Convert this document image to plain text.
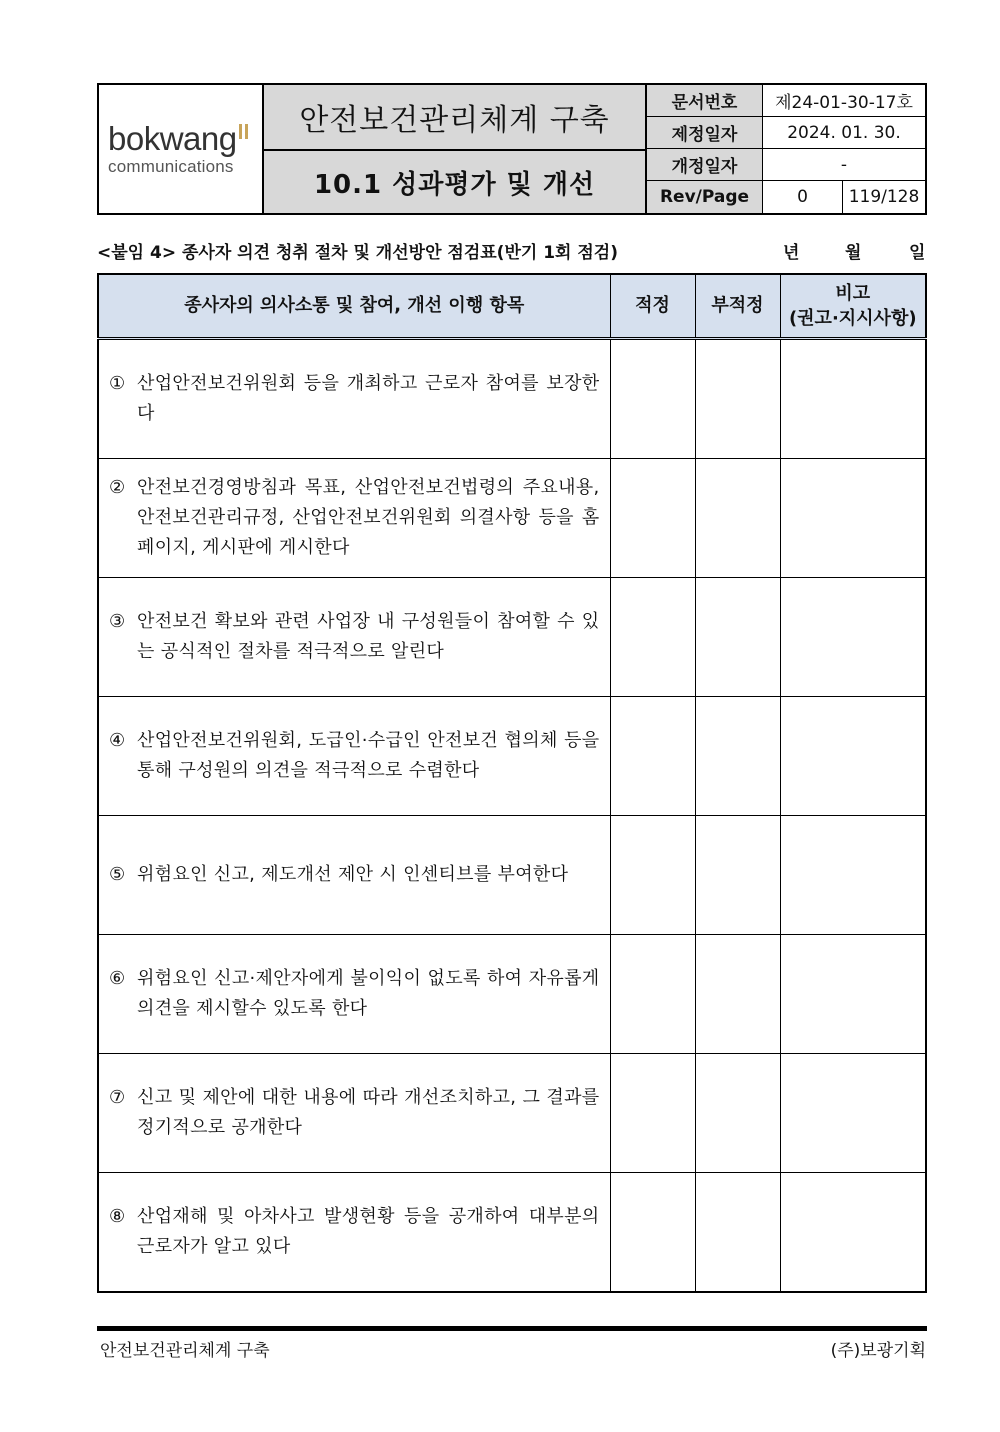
bokwang
communications
안전보건관리체계 구축
10.1 성과평가 및 개선
문서번호	제24-01-30-17호
제정일자	2024. 01. 30.
개정일자	-
Rev/Page	0	119/128
<붙임 4> 종사자 의견 청취 절차 및 개선방안 점검표(반기 1회 점검)	년	월	일
종사자의 의사소통 및 참여, 개선 이행 항목	적정	부적정	비고
(권고·지시사항)

① 산업안전보건위원회 등을 개최하고 근로자 참여를 보장한다			

② 안전보건경영방침과 목표, 산업안전보건법령의 주요내용, 안전보건관리규정, 산업안전보건위원회 의결사항 등을 홈페이지, 게시판에 게시한다			

③ 안전보건 확보와 관련 사업장 내 구성원들이 참여할 수 있는 공식적인 절차를 적극적으로 알린다			

④ 산업안전보건위원회, 도급인·수급인 안전보건 협의체 등을 통해 구성원의 의견을 적극적으로 수렴한다			

⑤ 위험요인 신고, 제도개선 제안 시 인센티브를 부여한다			

⑥ 위험요인 신고·제안자에게 불이익이 없도록 하여 자유롭게 의견을 제시할수 있도록 한다			

⑦ 신고 및 제안에 대한 내용에 따라 개선조치하고, 그 결과를 정기적으로 공개한다			

⑧ 산업재해 및 아차사고 발생현황 등을 공개하여 대부분의 근로자가 알고 있다			

안전보건관리체계 구축	(주)보광기획
